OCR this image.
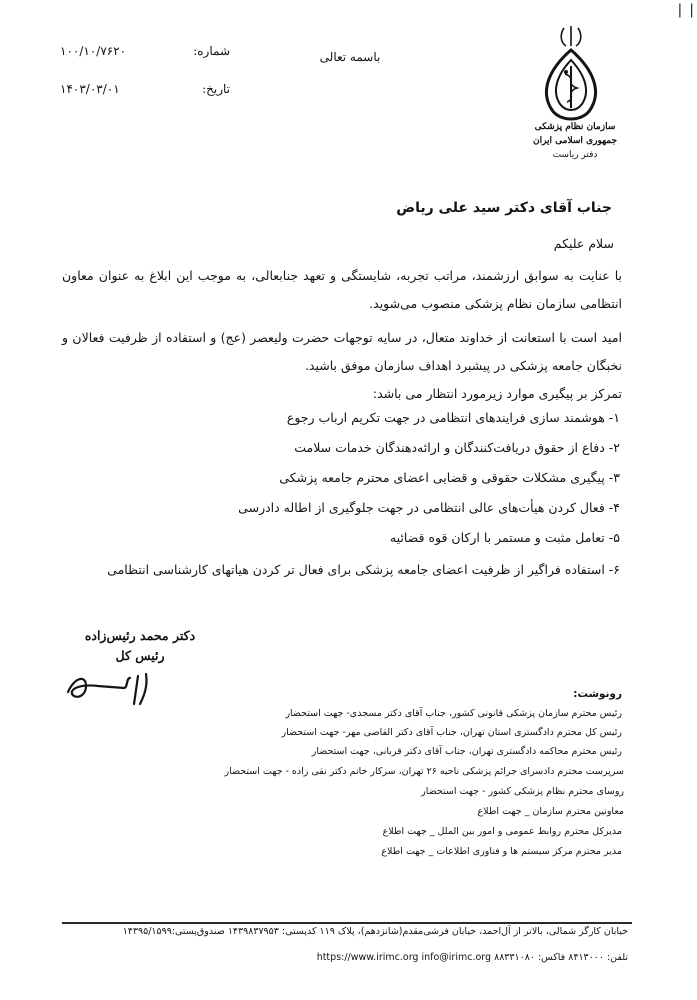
❘❘
سازمان نظام پزشکی جمهوری اسلامی ایران
دفتر ریاست
باسمه تعالی
شماره:
۱۰۰/۱۰/۷۶۲۰
تاریخ:
۱۴۰۳/۰۳/۰۱
جناب آقای دکتر سید علی ریاض
سلام علیکم
با عنایت به سوابق ارزشمند، مراتب تجربه، شایستگی و تعهد جنابعالی، به موجب این ابلاغ به عنوان معاون انتظامی سازمان نظام پزشکی منصوب می‌شوید.
امید است با استعانت از خداوند متعال، در سایه توجهات حضرت ولیعصر (عج) و استفاده از ظرفیت فعالان و نخبگان جامعه پزشکی در پیشبرد اهداف سازمان موفق باشید.
تمرکز بر پیگیری موارد زیرمورد انتظار می باشد:
۱- هوشمند سازی فرایندهای انتظامی در جهت تکریم ارباب رجوع
۲- دفاع از حقوق دریافت‌کنندگان و ارائه‌دهندگان خدمات سلامت
۳- پیگیری مشکلات حقوقی و قضایی اعضای محترم جامعه پزشکی
۴- فعال کردن هیأت‌های عالی انتظامی در جهت جلوگیری از اطاله دادرسی
۵- تعامل مثبت و مستمر با ارکان قوه قضائیه
۶- استفاده فراگیر از ظرفیت اعضای جامعه پزشکی برای فعال تر کردن هیاتهای کارشناسی انتظامی
دکتر محمد رئیس‌زاده
رئیس کل
رونوشت:
رئیس محترم سازمان پزشکی قانونی کشور، جناب آقای دکتر مسجدی- جهت استحضار
رئیس کل محترم دادگستری استان تهران، جناب آقای دکتر القاصی مهر- جهت استحضار
رئیس محترم محاکمه دادگستری تهران، جناب آقای دکتر قربانی، جهت استحضار
سرپرست محترم دادسرای جرائم پزشکی ناحیه ۲۶ تهران، سرکار خانم دکتر نقی زاده - جهت استحضار
روسای محترم نظام پزشکی کشور - جهت استحضار
معاونین محترم سازمان _ جهت اطلاع
مدیرکل محترم روابط عمومی و امور بین الملل _ جهت اطلاع
مدیر محترم مرکز سیستم ها و فناوری اطلاعات _ جهت اطلاع
خیابان کارگر شمالی، بالاتر از آل‌احمد، خیابان فرشی‌مقدم(شانزدهم)، پلاک ۱۱۹ کدپستی: ۱۴۳۹۸۳۷۹۵۳ صندوق‌پستی:۱۴۳۹۵/۱۵۹۹
تلفن: ۸۴۱۳۰۰۰ فاکس: ۸۸۳۳۱۰۸۰ https://www.irimc.org info@irimc.org
